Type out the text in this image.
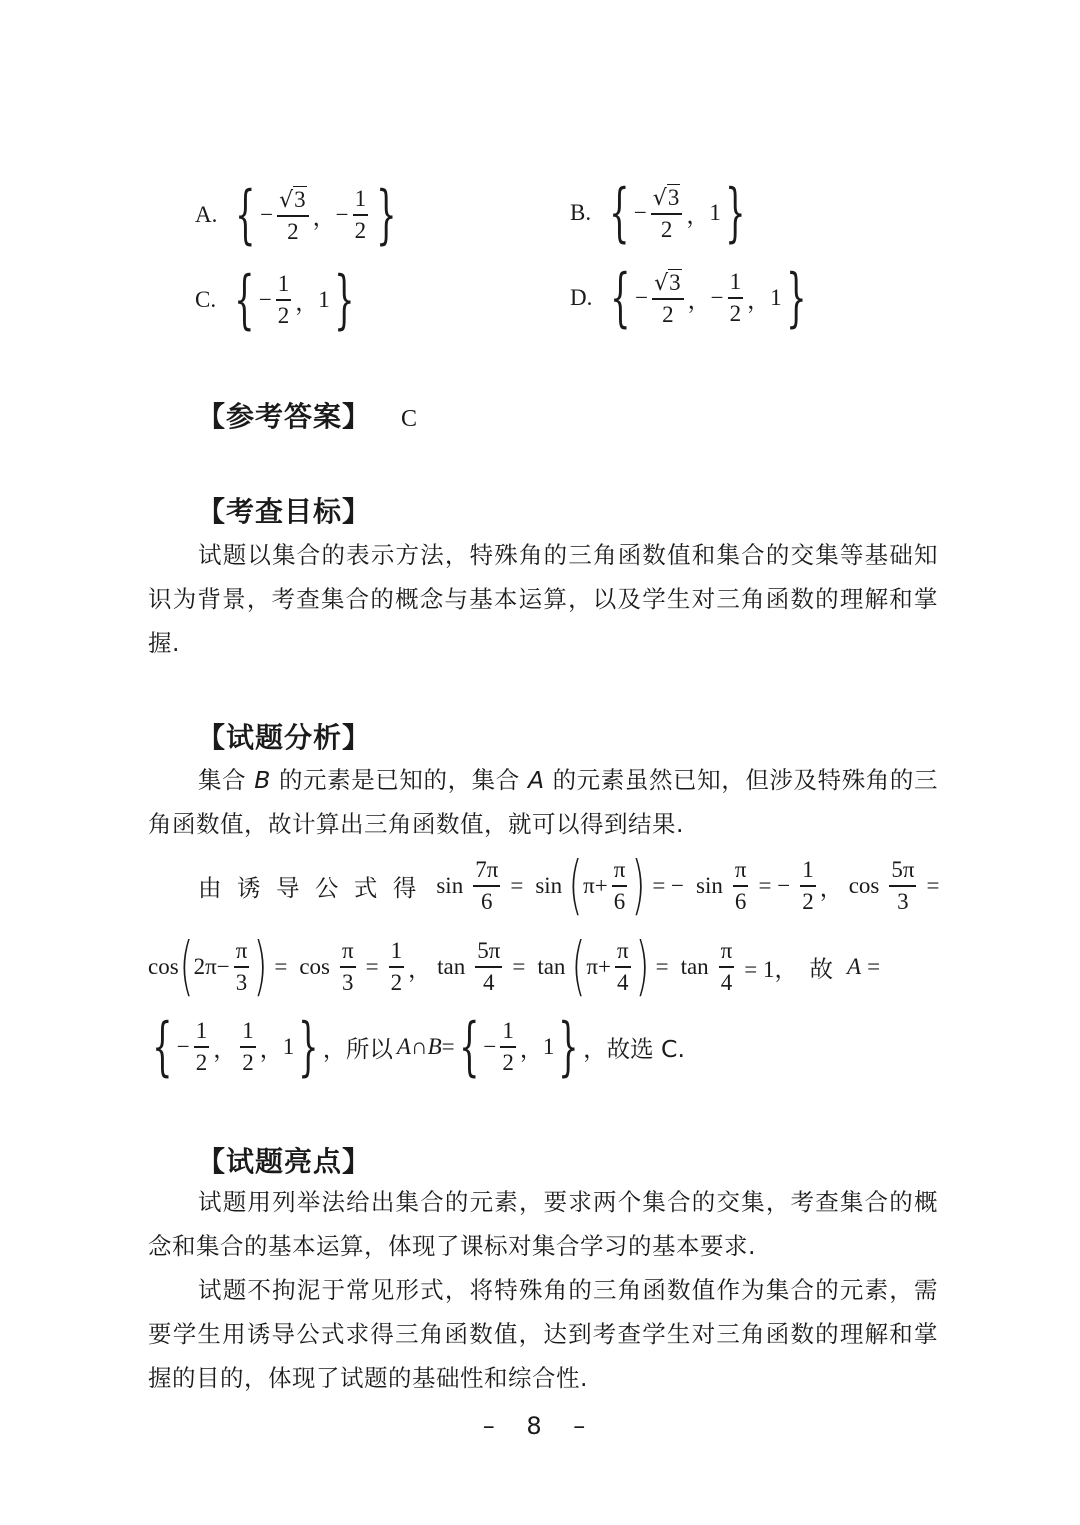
A. { − $\frac{√ 3}{2}$ ， − $\frac{1}{2}$ }	B. { − $\frac{√ 3}{2}$ ， 1 }
C. { − $\frac{1}{2}$ ， 1 }	D. { − $\frac{√ 3}{2}$ ， − $\frac{1}{2}$ ， 1 }
【参考答案】 C
【考查目标】
试题以集合的表示方法，特殊角的三角函数值和集合的交集等基础知识为背景，考查集合的概念与基本运算，以及学生对三角函数的理解和掌握.
【试题分析】
集合 B 的元素是已知的，集合 A 的元素虽然已知，但涉及特殊角的三角函数值，故计算出三角函数值，就可以得到结果.
由 诱 导 公 式 得 $\sin \frac{7\pi}{6} = \sin$ ( $\pi+ \frac{\pi}{6}$ ) = − $\sin \frac{\pi}{6}$ = − $\frac{1}{2}$ ， $\cos \frac{5\pi}{3}$ =
cos ( $2\pi- \frac{\pi}{3}$ ) = $\cos \frac{\pi}{3} = \frac{1}{2}$ ， $\tan \frac{5\pi}{4} = \tan$ ( $\pi+ \frac{\pi}{4}$ ) = $\tan \frac{\pi}{4} = 1$， 故 A =
{ − $\frac{1}{2}$ ， $\frac{1}{2}$ ， 1 } ， 所以 A ∩ B = { − $\frac{1}{2}$ ， 1 } ，故选 C.
【试题亮点】
试题用列举法给出集合的元素，要求两个集合的交集，考查集合的概念和集合的基本运算，体现了课标对集合学习的基本要求.
试题不拘泥于常见形式，将特殊角的三角函数值作为集合的元素，需要学生用诱导公式求得三角函数值，达到考查学生对三角函数的理解和掌握的目的，体现了试题的基础性和综合性.
– 8 –
